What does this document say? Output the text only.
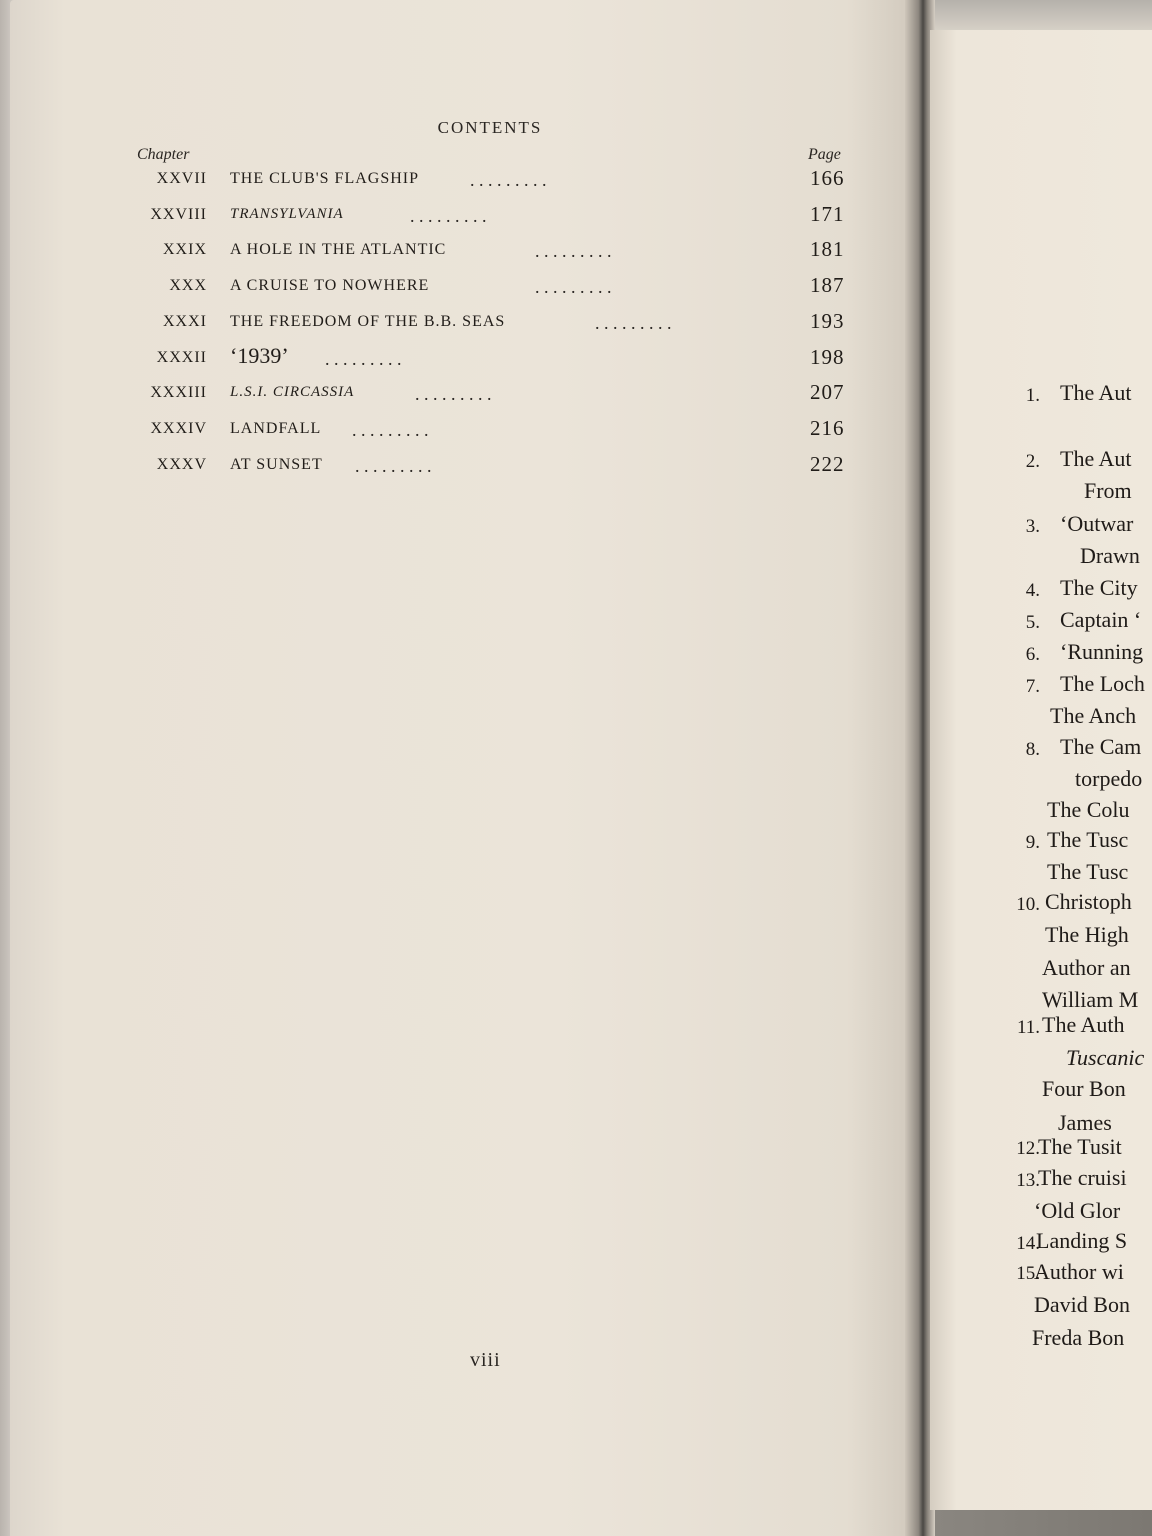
CONTENTS
Chapter	Page
XXVII THE CLUB'S FLAGSHIP	. . . . . . . . .	166
XXVIII TRANSYLVANIA	. . . . . . . . .	171
XXIX A HOLE IN THE ATLANTIC	. . . . . . . . .	181
XXX A CRUISE TO NOWHERE	. . . . . . . . .	187
XXXI THE FREEDOM OF THE B.B. SEAS	. . . . . . . . .	193
XXXII ‘1939’ . . . . . . . . .	198
XXXIII L.S.I. CIRCASSIA	. . . . . . . . .	207
XXXIV LANDFALL . . . . . . . . .	216
XXXV AT SUNSET . . . . . . . . .	222
viii
1. The Aut
2. The Aut
From
3. ‘Outwar
Drawn
4. The City
5. Captain ‘
6. ‘Running
7. The Loch
The Anch
8. The Cam
torpedo
The Colu
9. The Tusc
The Tusc
10. Christoph
The High
Author an
William M
11. The Auth
Tuscanic
Four Bon
James
12.
The Tusit
13.
The cruisi
‘Old Glor
14.
Landing S
15.
Author wi
David Bon
Freda Bon
